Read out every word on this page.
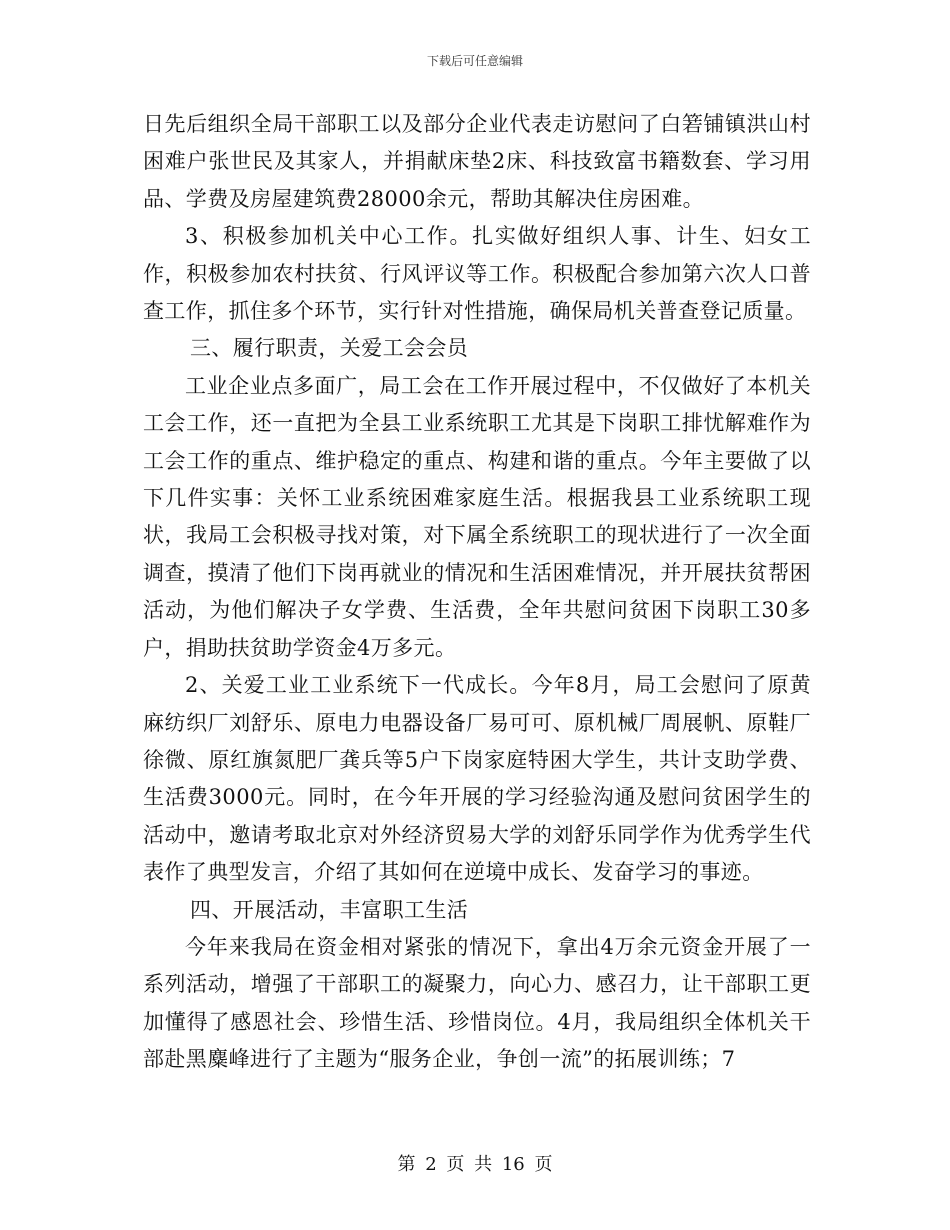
下载后可任意编辑

日先后组织全局干部职工以及部分企业代表走访慰问了白箬铺镇洪山村困难户张世民及其家人，并捐献床垫2床、科技致富书籍数套、学习用品、学费及房屋建筑费28000余元，帮助其解决住房困难。

3、积极参加机关中心工作。扎实做好组织人事、计生、妇女工作，积极参加农村扶贫、行风评议等工作。积极配合参加第六次人口普查工作，抓住多个环节，实行针对性措施，确保局机关普查登记质量。

三、履行职责，关爱工会会员

工业企业点多面广，局工会在工作开展过程中，不仅做好了本机关工会工作，还一直把为全县工业系统职工尤其是下岗职工排忧解难作为工会工作的重点、维护稳定的重点、构建和谐的重点。今年主要做了以下几件实事：关怀工业系统困难家庭生活。根据我县工业系统职工现状，我局工会积极寻找对策，对下属全系统职工的现状进行了一次全面调查，摸清了他们下岗再就业的情况和生活困难情况，并开展扶贫帮困活动，为他们解决子女学费、生活费，全年共慰问贫困下岗职工30多户，捐助扶贫助学资金4万多元。

2、关爱工业工业系统下一代成长。今年8月，局工会慰问了原黄麻纺织厂刘舒乐、原电力电器设备厂易可可、原机械厂周展帆、原鞋厂徐微、原红旗氮肥厂龚兵等5户下岗家庭特困大学生，共计支助学费、生活费3000元。同时，在今年开展的学习经验沟通及慰问贫困学生的活动中，邀请考取北京对外经济贸易大学的刘舒乐同学作为优秀学生代表作了典型发言，介绍了其如何在逆境中成长、发奋学习的事迹。

四、开展活动，丰富职工生活

今年来我局在资金相对紧张的情况下，拿出4万余元资金开展了一系列活动，增强了干部职工的凝聚力，向心力、感召力，让干部职工更加懂得了感恩社会、珍惜生活、珍惜岗位。4月，我局组织全体机关干部赴黑麋峰进行了主题为“服务企业，争创一流”的拓展训练；7

第 2 页 共 16 页
